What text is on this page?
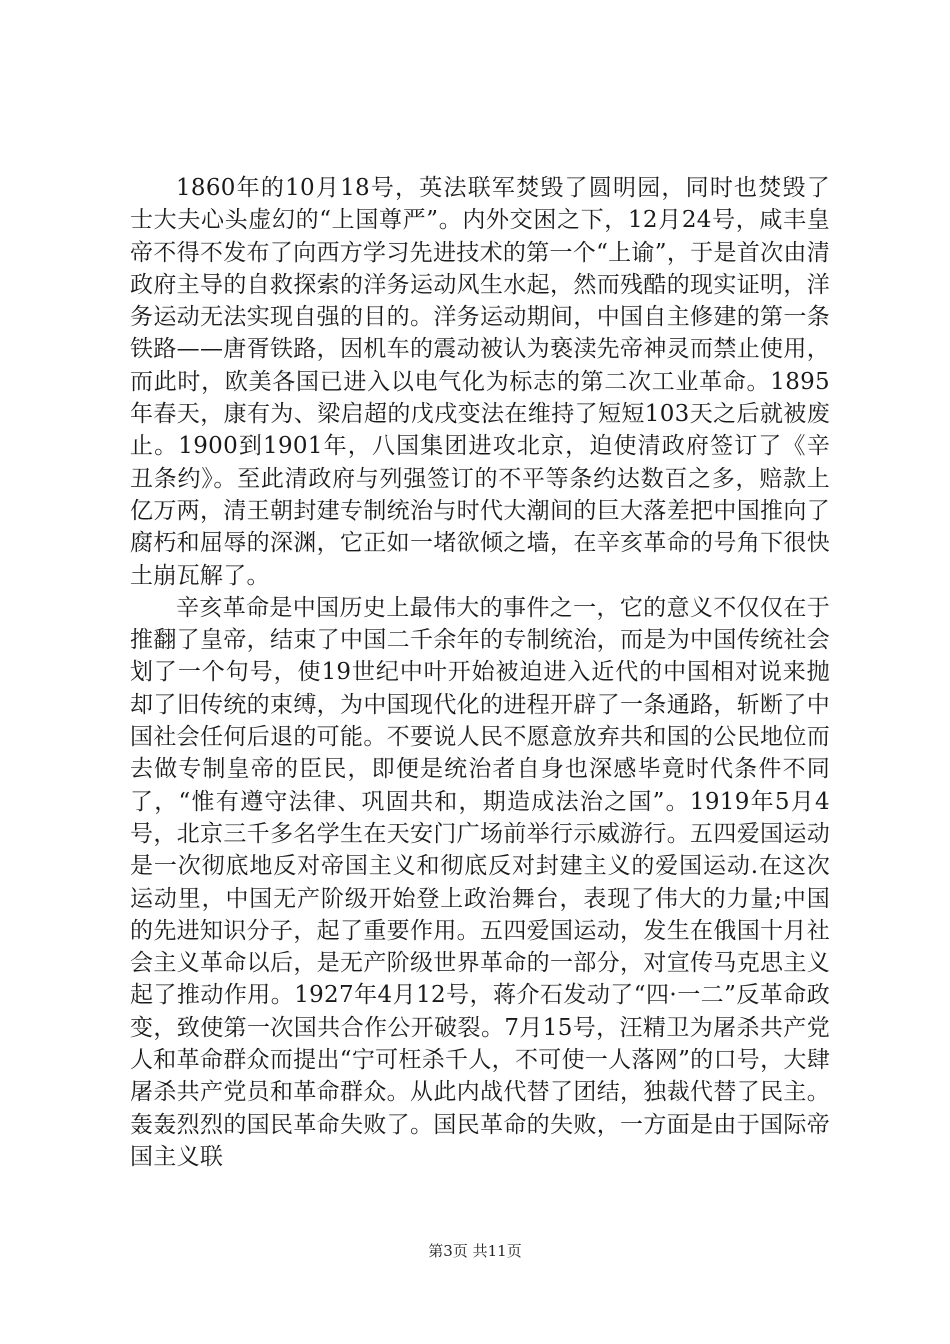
1860年的10月18号，英法联军焚毁了圆明园，同时也焚毁了士大夫心头虚幻的“上国尊严”。内外交困之下，12月24号，咸丰皇帝不得不发布了向西方学习先进技术的第一个“上谕”，于是首次由清政府主导的自救探索的洋务运动风生水起，然而残酷的现实证明，洋务运动无法实现自强的目的。洋务运动期间，中国自主修建的第一条铁路——唐胥铁路，因机车的震动被认为亵渎先帝神灵而禁止使用，而此时，欧美各国已进入以电气化为标志的第二次工业革命。1895年春天，康有为、梁启超的戊戌变法在维持了短短103天之后就被废止。1900到1901年，八国集团进攻北京，迫使清政府签订了《辛丑条约》。至此清政府与列强签订的不平等条约达数百之多，赔款上亿万两，清王朝封建专制统治与时代大潮间的巨大落差把中国推向了腐朽和屈辱的深渊，它正如一堵欲倾之墙，在辛亥革命的号角下很快土崩瓦解了。

辛亥革命是中国历史上最伟大的事件之一，它的意义不仅仅在于推翻了皇帝，结束了中国二千余年的专制统治，而是为中国传统社会划了一个句号，使19世纪中叶开始被迫进入近代的中国相对说来抛却了旧传统的束缚，为中国现代化的进程开辟了一条通路，斩断了中国社会任何后退的可能。不要说人民不愿意放弃共和国的公民地位而去做专制皇帝的臣民，即便是统治者自身也深感毕竟时代条件不同了，“惟有遵守法律、巩固共和，期造成法治之国”。1919年5月4号，北京三千多名学生在天安门广场前举行示威游行。五四爱国运动是一次彻底地反对帝国主义和彻底反对封建主义的爱国运动.在这次运动里，中国无产阶级开始登上政治舞台，表现了伟大的力量;中国的先进知识分子，起了重要作用。五四爱国运动，发生在俄国十月社会主义革命以后，是无产阶级世界革命的一部分，对宣传马克思主义起了推动作用。1927年4月12号，蒋介石发动了“四·一二”反革命政变，致使第一次国共合作公开破裂。7月15号，汪精卫为屠杀共产党人和革命群众而提出“宁可枉杀千人，不可使一人落网”的口号，大肆屠杀共产党员和革命群众。从此内战代替了团结，独裁代替了民主。轰轰烈烈的国民革命失败了。国民革命的失败，一方面是由于国际帝国主义联

第3页 共11页
